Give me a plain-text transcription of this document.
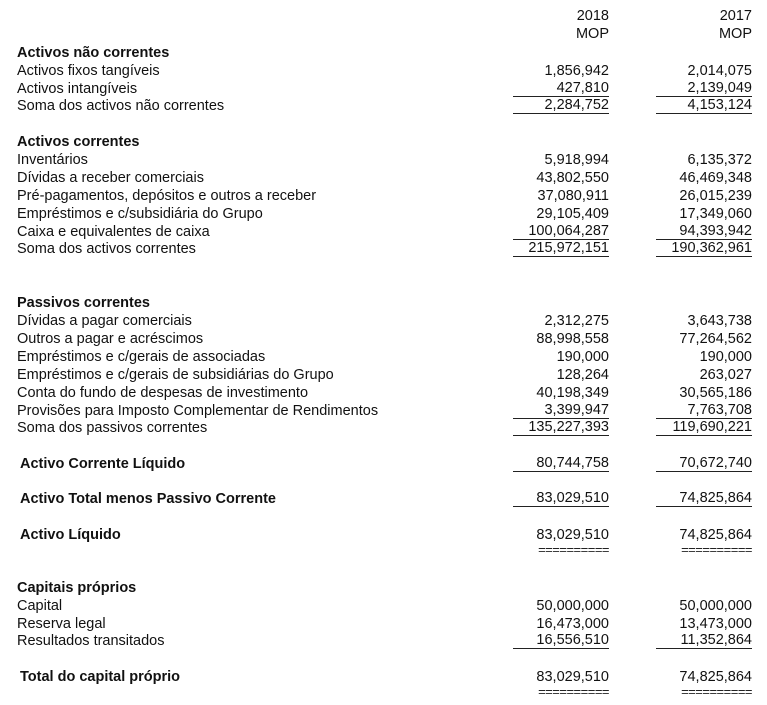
2018	2017
MOP	MOP
Activos não correntes
Activos fixos tangíveis	1,856,942	2,014,075
Activos intangíveis	427,810	2,139,049
Soma dos activos não correntes	2,284,752	4,153,124
Activos correntes
Inventários	5,918,994	6,135,372
Dívidas a receber comerciais	43,802,550	46,469,348
Pré-pagamentos, depósitos e outros a receber	37,080,911	26,015,239
Empréstimos e c/subsidiária do Grupo	29,105,409	17,349,060
Caixa e equivalentes de caixa	100,064,287	94,393,942
Soma dos activos correntes	215,972,151	190,362,961
Passivos correntes
Dívidas a pagar comerciais	2,312,275	3,643,738
Outros a pagar e acréscimos	88,998,558	77,264,562
Empréstimos e c/gerais de associadas	190,000	190,000
Empréstimos e c/gerais de subsidiárias do Grupo	128,264	263,027
Conta do fundo de despesas de investimento	40,198,349	30,565,186
Provisões para Imposto Complementar de Rendimentos	3,399,947	7,763,708
Soma dos passivos correntes	135,227,393	119,690,221
Activo Corrente Líquido	80,744,758	70,672,740
Activo Total menos Passivo Corrente	83,029,510	74,825,864
Activo Líquido	83,029,510	74,825,864
==========	==========
Capitais próprios
Capital	50,000,000	50,000,000
Reserva legal	16,473,000	13,473,000
Resultados transitados	16,556,510	11,352,864
Total do capital próprio	83,029,510	74,825,864
==========	==========
